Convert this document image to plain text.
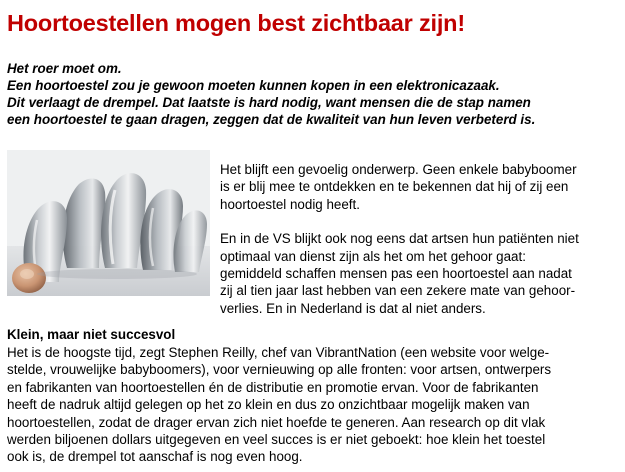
Hoortoestellen mogen best zichtbaar zijn!
Het roer moet om.
Een hoortoestel zou je gewoon moeten kunnen kopen in een elektronicazaak.
Dit verlaagt de drempel. Dat laatste is hard nodig, want mensen die de stap namen
een hoortoestel te gaan dragen, zeggen dat de kwaliteit van hun leven verbeterd is.

Het blijft een gevoelig onderwerp. Geen enkele babyboomer
is er blij mee te ontdekken en te bekennen dat hij of zij een
hoortoestel nodig heeft.

En in de VS blijkt ook nog eens dat artsen hun patiënten niet
optimaal van dienst zijn als het om het gehoor gaat:
gemiddeld schaffen mensen pas een hoortoestel aan nadat
zij al tien jaar last hebben van een zekere mate van gehoor-
verlies. En in Nederland is dat al niet anders.

Klein, maar niet succesvol
Het is de hoogste tijd, zegt Stephen Reilly, chef van VibrantNation (een website voor welge-
stelde, vrouwelijke babyboomers), voor vernieuwing op alle fronten: voor artsen, ontwerpers
en fabrikanten van hoortoestellen én de distributie en promotie ervan. Voor de fabrikanten
heeft de nadruk altijd gelegen op het zo klein en dus zo onzichtbaar mogelijk maken van
hoortoestellen, zodat de drager ervan zich niet hoefde te generen. Aan research op dit vlak
werden biljoenen dollars uitgegeven en veel succes is er niet geboekt: hoe klein het toestel
ook is, de drempel tot aanschaf is nog even hoog.
